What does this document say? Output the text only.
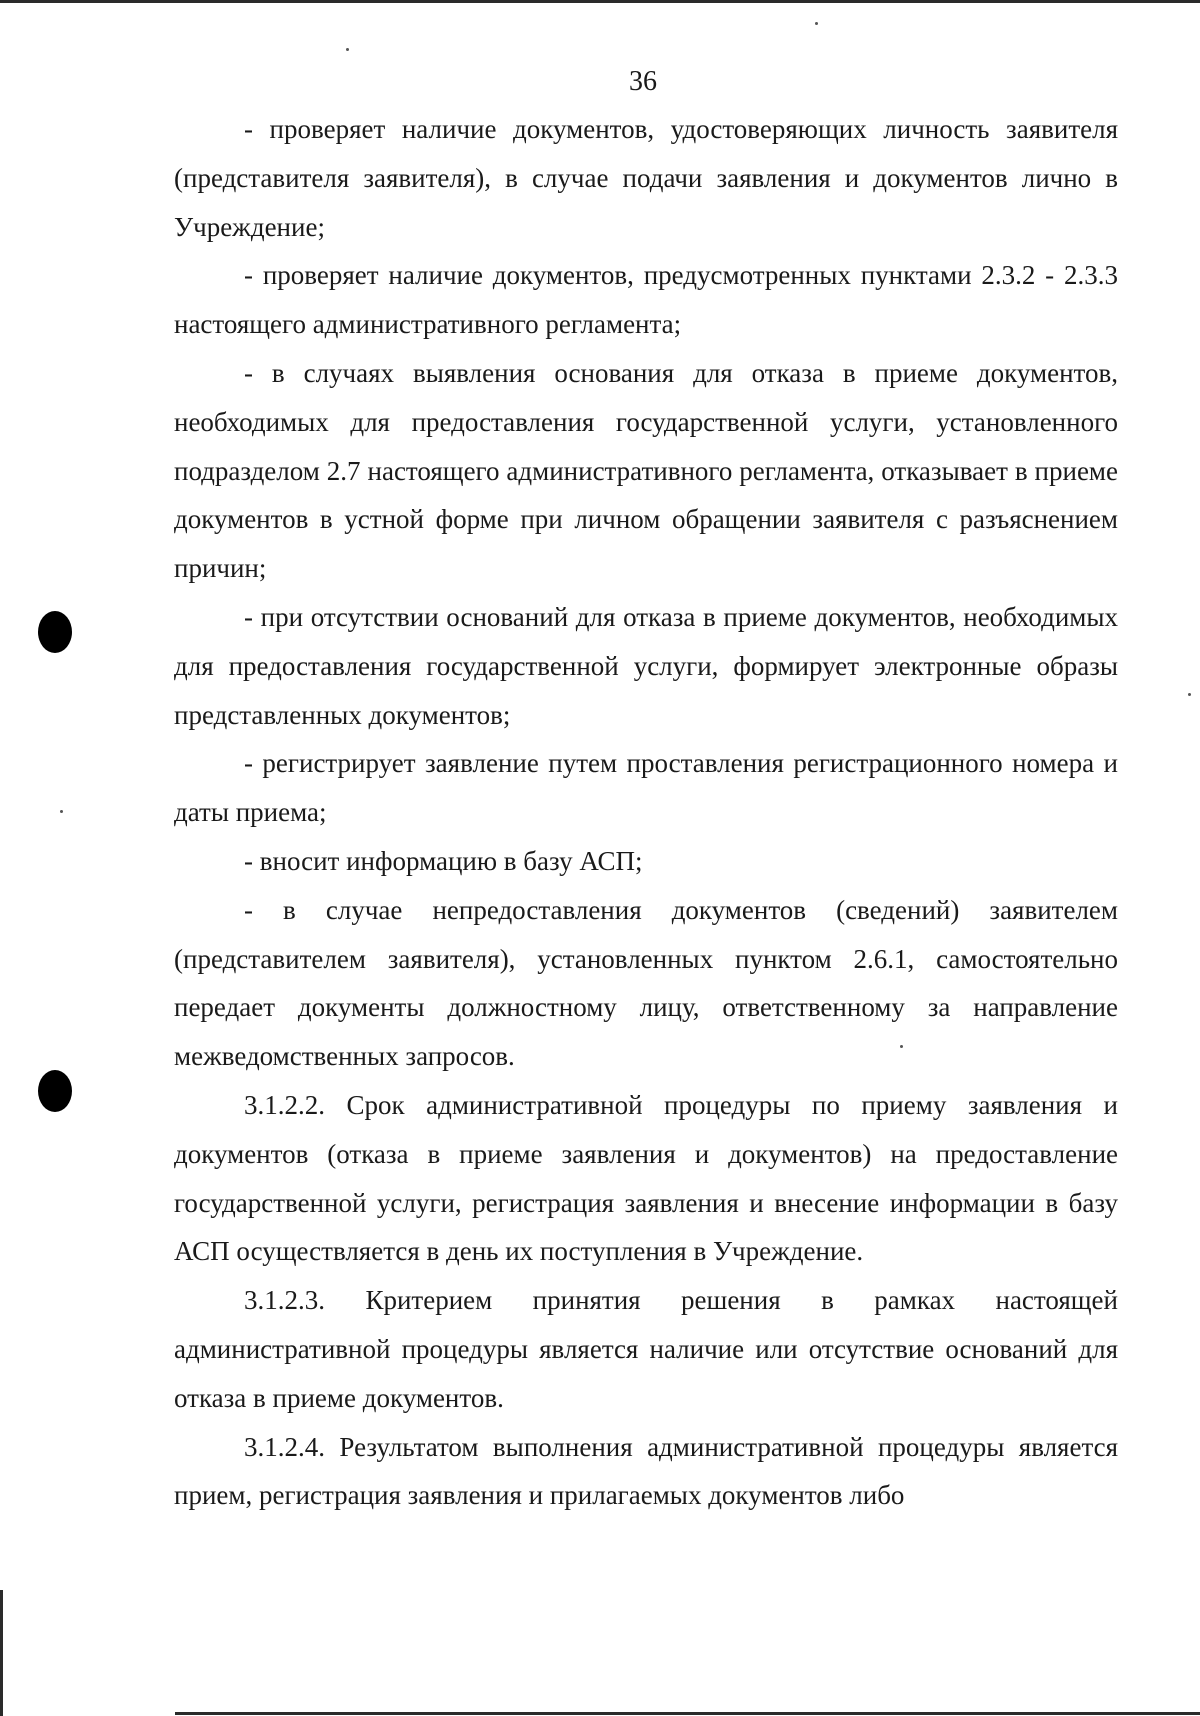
36

- проверяет наличие документов, удостоверяющих личность заявителя (представителя заявителя), в случае подачи заявления и документов лично в Учреждение;

- проверяет наличие документов, предусмотренных пунктами 2.3.2 - 2.3.3 настоящего административного регламента;

- в случаях выявления основания для отказа в приеме документов, необходимых для предоставления государственной услуги, установленного подразделом 2.7 настоящего административного регламента, отказывает в приеме документов в устной форме при личном обращении заявителя с разъяснением причин;

- при отсутствии оснований для отказа в приеме документов, необходимых для предоставления государственной услуги, формирует электронные образы представленных документов;

- регистрирует заявление путем проставления регистрационного номера и даты приема;

- вносит информацию в базу АСП;

- в случае непредоставления документов (сведений) заявителем (представителем заявителя), установленных пунктом 2.6.1, самостоятельно передает документы должностному лицу, ответственному за направление межведомственных запросов.

3.1.2.2. Срок административной процедуры по приему заявления и документов (отказа в приеме заявления и документов) на предоставление государственной услуги, регистрация заявления и внесение информации в базу АСП осуществляется в день их поступления в Учреждение.

3.1.2.3. Критерием принятия решения в рамках настоящей административной процедуры является наличие или отсутствие оснований для отказа в приеме документов.

3.1.2.4. Результатом выполнения административной процедуры является прием, регистрация заявления и прилагаемых документов либо
